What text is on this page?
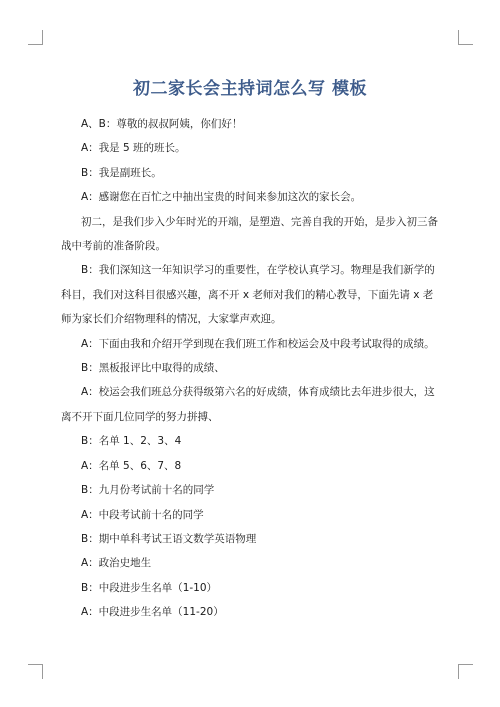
初二家长会主持词怎么写 模板

A、B：尊敬的叔叔阿姨，你们好！

A：我是 5 班的班长。

B：我是副班长。

A：感谢您在百忙之中抽出宝贵的时间来参加这次的家长会。

初二，是我们步入少年时光的开端，是塑造、完善自我的开始，是步入初三备战中考前的准备阶段。

B：我们深知这一年知识学习的重要性，在学校认真学习。物理是我们新学的科目，我们对这科目很感兴趣，离不开 x 老师对我们的精心教导，下面先请 x 老师为家长们介绍物理科的情况，大家掌声欢迎。

A：下面由我和介绍开学到现在我们班工作和校运会及中段考试取得的成绩。

B：黑板报评比中取得的成绩、

A：校运会我们班总分获得级第六名的好成绩，体育成绩比去年进步很大，这离不开下面几位同学的努力拼搏、

B：名单 1、2、3、4

A：名单 5、6、7、8

B：九月份考试前十名的同学

A：中段考试前十名的同学

B：期中单科考试王语文数学英语物理

A：政治史地生

B：中段进步生名单（1-10）

A：中段进步生名单（11-20）
